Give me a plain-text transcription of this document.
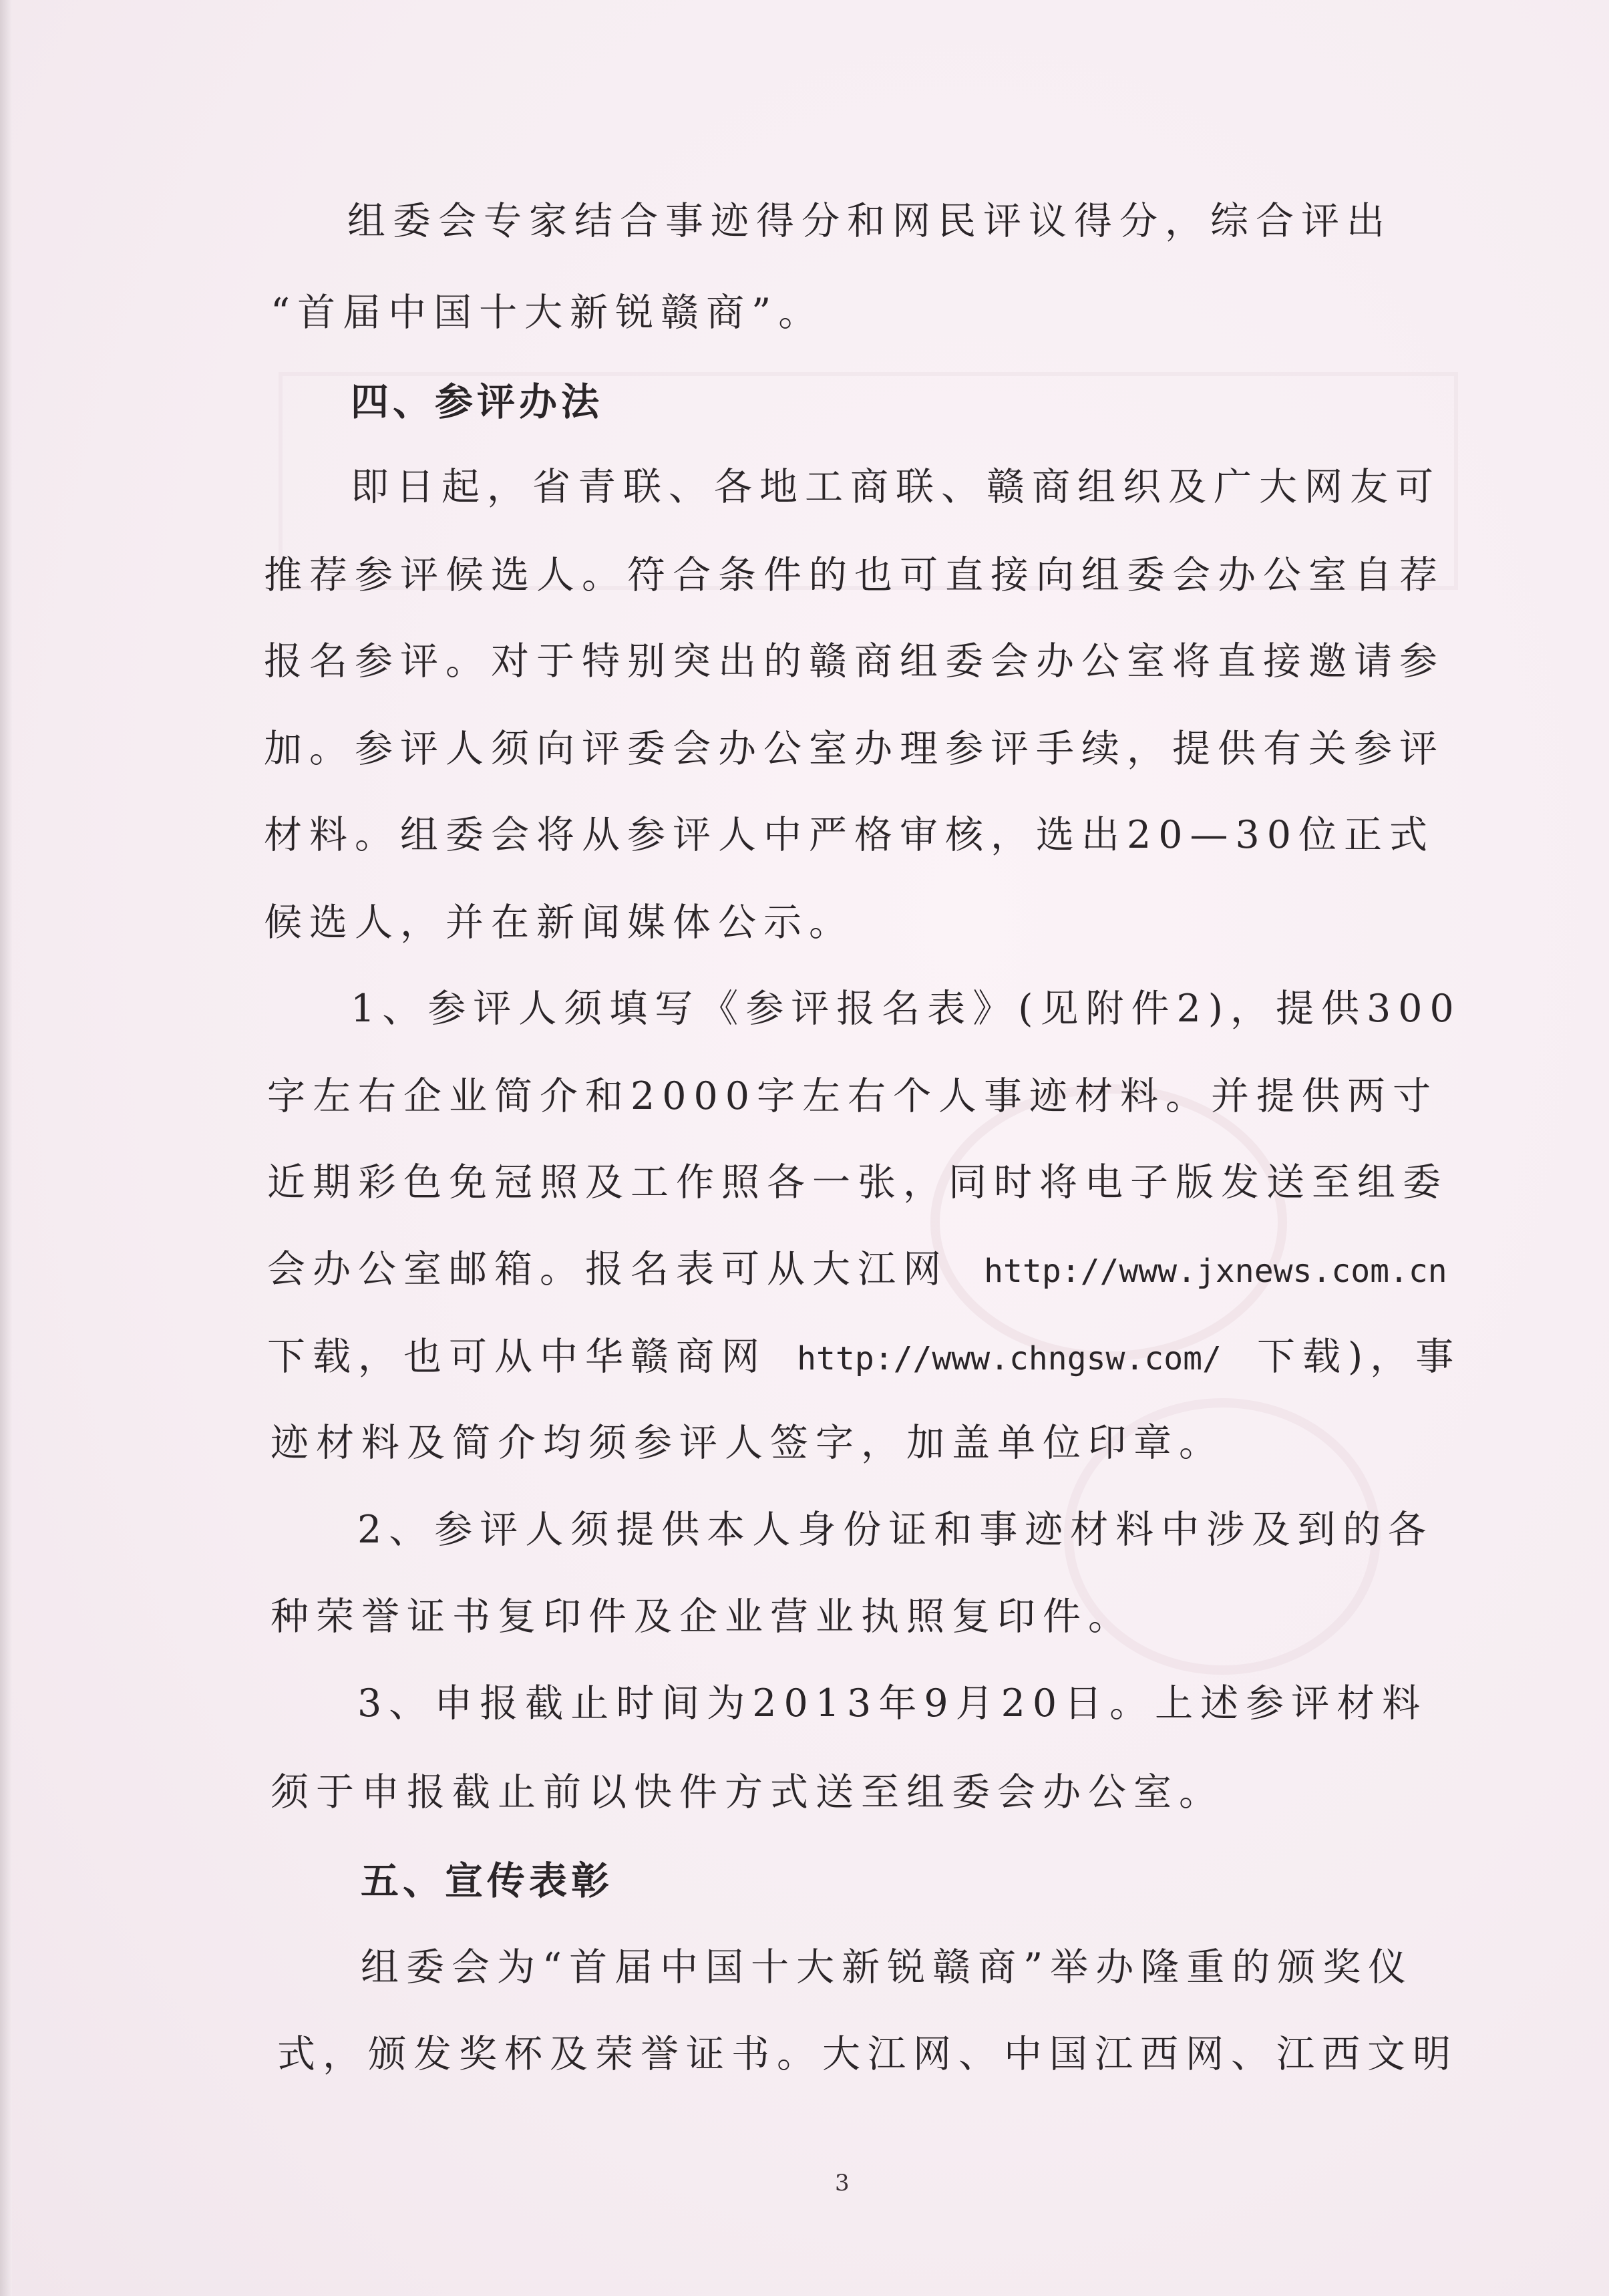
组委会专家结合事迹得分和网民评议得分，综合评出
“首届中国十大新锐赣商”。
四、参评办法
即日起，省青联、各地工商联、赣商组织及广大网友可
推荐参评候选人。符合条件的也可直接向组委会办公室自荐
报名参评。对于特别突出的赣商组委会办公室将直接邀请参
加。参评人须向评委会办公室办理参评手续，提供有关参评
材料。组委会将从参评人中严格审核，选出20—30位正式
候选人，并在新闻媒体公示。
1、参评人须填写《参评报名表》(见附件2)，提供300
字左右企业简介和2000字左右个人事迹材料。并提供两寸
近期彩色免冠照及工作照各一张，同时将电子版发送至组委
会办公室邮箱。报名表可从大江网 http://www.jxnews.com.cn
下载，也可从中华赣商网 http://www.chngsw.com/ 下载)，事
迹材料及简介均须参评人签字，加盖单位印章。
2、参评人须提供本人身份证和事迹材料中涉及到的各
种荣誉证书复印件及企业营业执照复印件。
3、申报截止时间为2013年9月20日。上述参评材料
须于申报截止前以快件方式送至组委会办公室。
五、宣传表彰
组委会为“首届中国十大新锐赣商”举办隆重的颁奖仪
式，颁发奖杯及荣誉证书。大江网、中国江西网、江西文明
3
